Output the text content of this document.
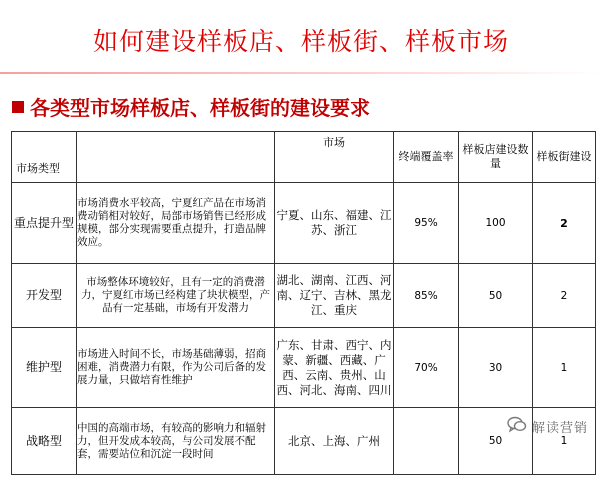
如何建设样板店、样板街、样板市场
各类型市场样板店、样板街的建设要求
市场类型		市场	终端覆盖率	样板店建设数量	样板街建设
重点提升型	市场消费水平较高，宁夏红产品在市场消费动销相对较好，局部市场销售已经形成规模，部分实现需要重点提升，打造品牌效应。	宁夏、山东、福建、江苏、浙江	95%	100	2
开发型	市场整体环境较好，且有一定的消费潜力，宁夏红市场已经构建了块状模型，产品有一定基础，市场有开发潜力	湖北、湖南、江西、河南、辽宁、吉林、黑龙江、重庆	85%	50	2
维护型	市场进入时间不长，市场基础薄弱，招商困难，消费潜力有限，作为公司后备的发展力量，只做培育性维护	广东、甘肃、西宁、内蒙、新疆、西藏、广西、云南、贵州、山西、河北、海南、四川	70%	30	1
战略型	中国的高端市场，有较高的影响力和辐射力，但开发成本较高，与公司发展不配套，需要站位和沉淀一段时间	北京、上海、广州		50	1
解读营销
